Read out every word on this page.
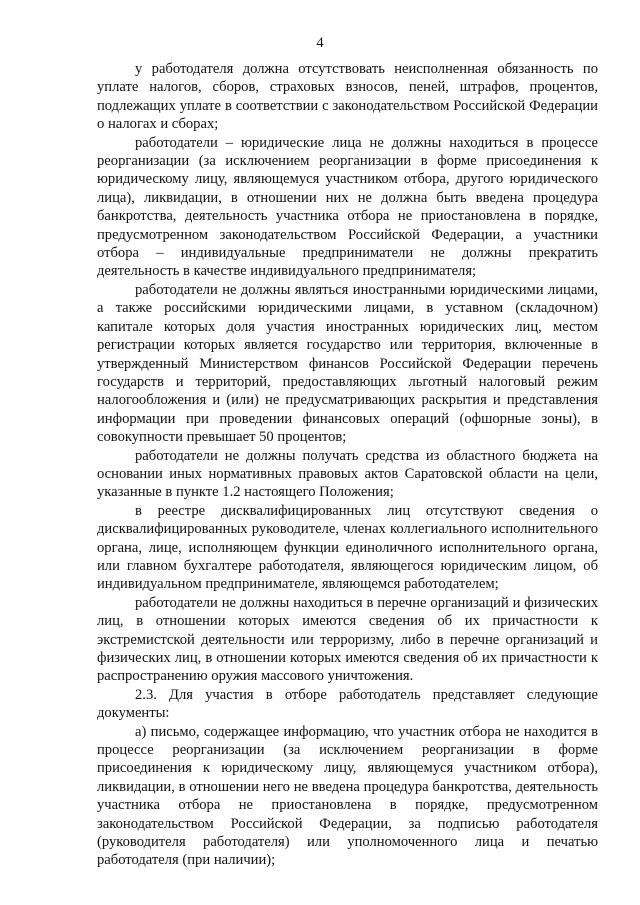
4

у работодателя должна отсутствовать неисполненная обязанность по уплате налогов, сборов, страховых взносов, пеней, штрафов, процентов, подлежащих уплате в соответствии с законодательством Российской Федерации о налогах и сборах;

работодатели – юридические лица не должны находиться в процессе реорганизации (за исключением реорганизации в форме присоединения к юридическому лицу, являющемуся участником отбора, другого юридического лица), ликвидации, в отношении них не должна быть введена процедура банкротства, деятельность участника отбора не приостановлена в порядке, предусмотренном законодательством Российской Федерации, а участники отбора – индивидуальные предприниматели не должны прекратить деятельность в качестве индивидуального предпринимателя;

работодатели не должны являться иностранными юридическими лицами, а также российскими юридическими лицами, в уставном (складочном) капитале которых доля участия иностранных юридических лиц, местом регистрации которых является государство или территория, включенные в утвержденный Министерством финансов Российской Федерации перечень государств и территорий, предоставляющих льготный налоговый режим налогообложения и (или) не предусматривающих раскрытия и представления информации при проведении финансовых операций (офшорные зоны), в совокупности превышает 50 процентов;

работодатели не должны получать средства из областного бюджета на основании иных нормативных правовых актов Саратовской области на цели, указанные в пункте 1.2 настоящего Положения;

в реестре дисквалифицированных лиц отсутствуют сведения о дисквалифицированных руководителе, членах коллегиального исполнительного органа, лице, исполняющем функции единоличного исполнительного органа, или главном бухгалтере работодателя, являющегося юридическим лицом, об индивидуальном предпринимателе, являющемся работодателем;

работодатели не должны находиться в перечне организаций и физических лиц, в отношении которых имеются сведения об их причастности к экстремистской деятельности или терроризму, либо в перечне организаций и физических лиц, в отношении которых имеются сведения об их причастности к распространению оружия массового уничтожения.

2.3. Для участия в отборе работодатель представляет следующие документы:

а) письмо, содержащее информацию, что участник отбора не находится в процессе реорганизации (за исключением реорганизации в форме присоединения к юридическому лицу, являющемуся участником отбора), ликвидации, в отношении него не введена процедура банкротства, деятельность участника отбора не приостановлена в порядке, предусмотренном законодательством Российской Федерации, за подписью работодателя (руководителя работодателя) или уполномоченного лица и печатью работодателя (при наличии);
